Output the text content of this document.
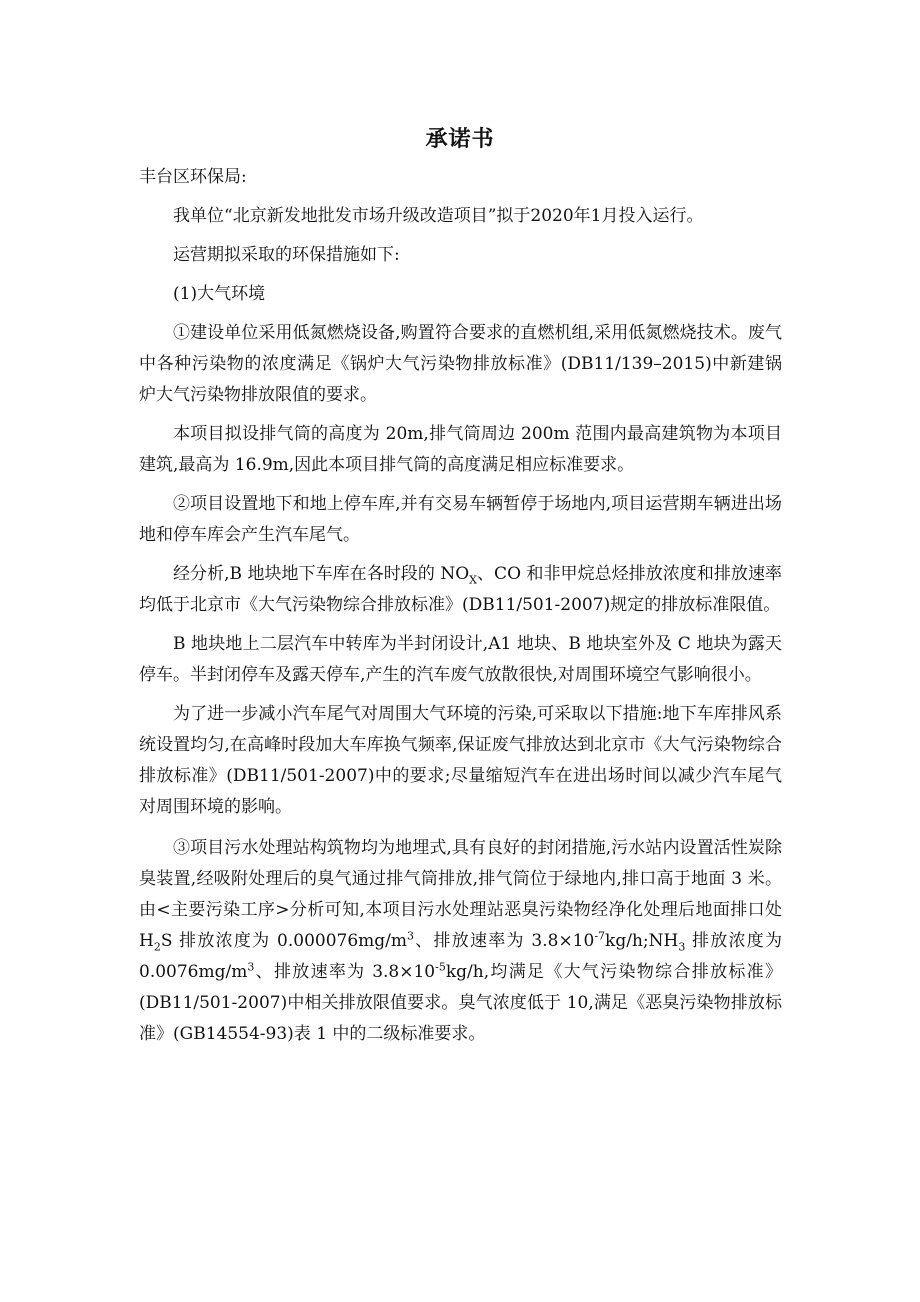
承诺书

丰台区环保局:

我单位“北京新发地批发市场升级改造项目”拟于2020年1月投入运行。

运营期拟采取的环保措施如下:

(1)大气环境

①建设单位采用低氮燃烧设备,购置符合要求的直燃机组,采用低氮燃烧技术。废气中各种污染物的浓度满足《锅炉大气污染物排放标准》(DB11/139–2015)中新建锅炉大气污染物排放限值的要求。

本项目拟设排气筒的高度为 20m,排气筒周边 200m 范围内最高建筑物为本项目建筑,最高为 16.9m,因此本项目排气筒的高度满足相应标准要求。

②项目设置地下和地上停车库,并有交易车辆暂停于场地内,项目运营期车辆进出场地和停车库会产生汽车尾气。

经分析,B 地块地下车库在各时段的 $NO_X$、CO 和非甲烷总烃排放浓度和排放速率均低于北京市《大气污染物综合排放标准》(DB11/501-2007)规定的排放标准限值。

B 地块地上二层汽车中转库为半封闭设计,A1 地块、B 地块室外及 C 地块为露天停车。半封闭停车及露天停车,产生的汽车废气放散很快,对周围环境空气影响很小。

为了进一步减小汽车尾气对周围大气环境的污染,可采取以下措施:地下车库排风系统设置均匀,在高峰时段加大车库换气频率,保证废气排放达到北京市《大气污染物综合排放标准》(DB11/501-2007)中的要求;尽量缩短汽车在进出场时间以减少汽车尾气对周围环境的影响。

③项目污水处理站构筑物均为地埋式,具有良好的封闭措施,污水站内设置活性炭除臭装置,经吸附处理后的臭气通过排气筒排放,排气筒位于绿地内,排口高于地面 3 米。由<主要污染工序>分析可知,本项目污水处理站恶臭污染物经净化处理后地面排口处 $H_2S$ 排放浓度为 $0.000076mg/m^3$、排放速率为 $3.8\times 10^{-7}kg/h;NH_3$ 排放浓度为 $0.0076mg/m^3$、排放速率为 $3.8\times 10^{-5}kg/h$,均满足《大气污染物综合排放标准》(DB11/501-2007)中相关排放限值要求。臭气浓度低于 10,满足《恶臭污染物排放标准》(GB14554-93)表 1 中的二级标准要求。
